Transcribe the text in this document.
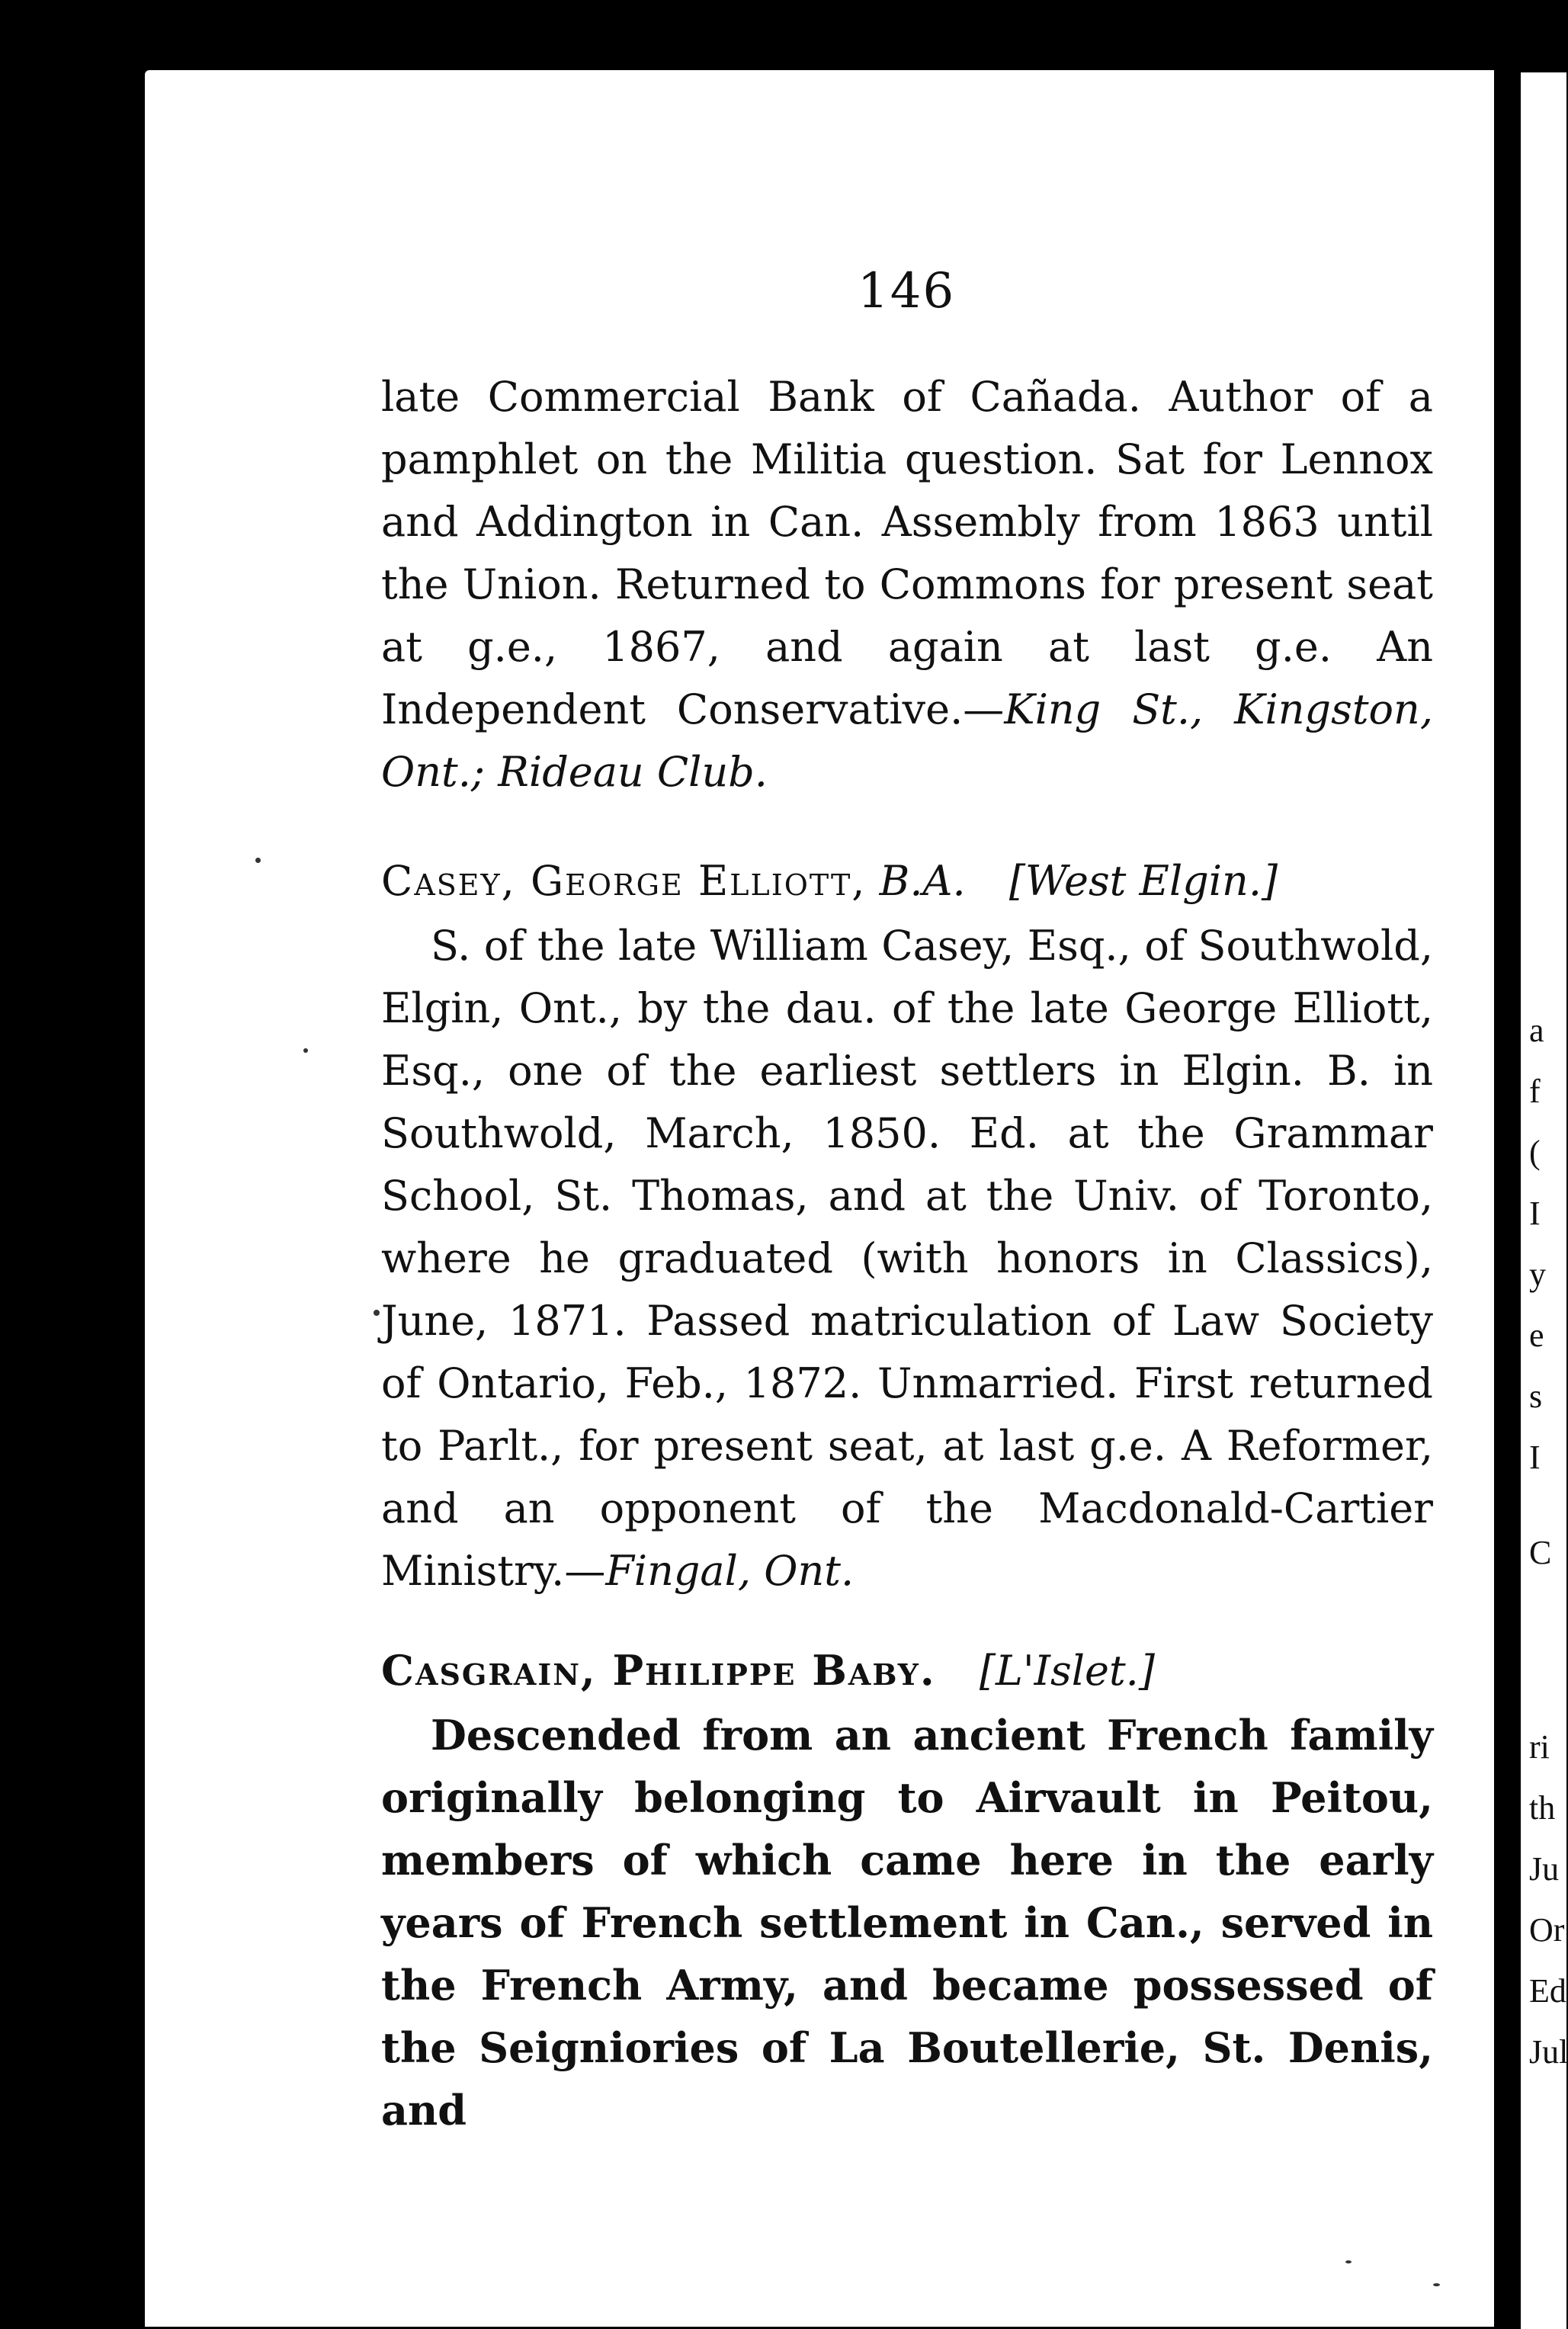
146
late Commercial Bank of Cañada. Author of a pamphlet on the Militia question. Sat for Lennox and Addington in Can. Assembly from 1863 until the Union. Returned to Commons for present seat at g.e., 1867, and again at last g.e. An Independent Conservative.—King St., Kingston, Ont.; Rideau Club.
Casey, George Elliott, B.A. [West Elgin.]
S. of the late William Casey, Esq., of Southwold, Elgin, Ont., by the dau. of the late George Elliott, Esq., one of the earliest settlers in Elgin. B. in Southwold, March, 1850. Ed. at the Grammar School, St. Thomas, and at the Univ. of Toronto, where he graduated (with honors in Classics), June, 1871. Passed matriculation of Law Society of Ontario, Feb., 1872. Unmarried. First returned to Parlt., for present seat, at last g.e. A Reformer, and an opponent of the Macdonald-Cartier Ministry.—Fingal, Ont.
Casgrain, Philippe Baby. [L'Islet.]
Descended from an ancient French family originally belonging to Airvault in Peitou, members of which came here in the early years of French settlement in Can., served in the French Army, and became possessed of the Seigniories of La Boutellerie, St. Denis, and
a
f
(
I
y
e
s
I
C
ri
th
Ju
Or
Ed
Jul
